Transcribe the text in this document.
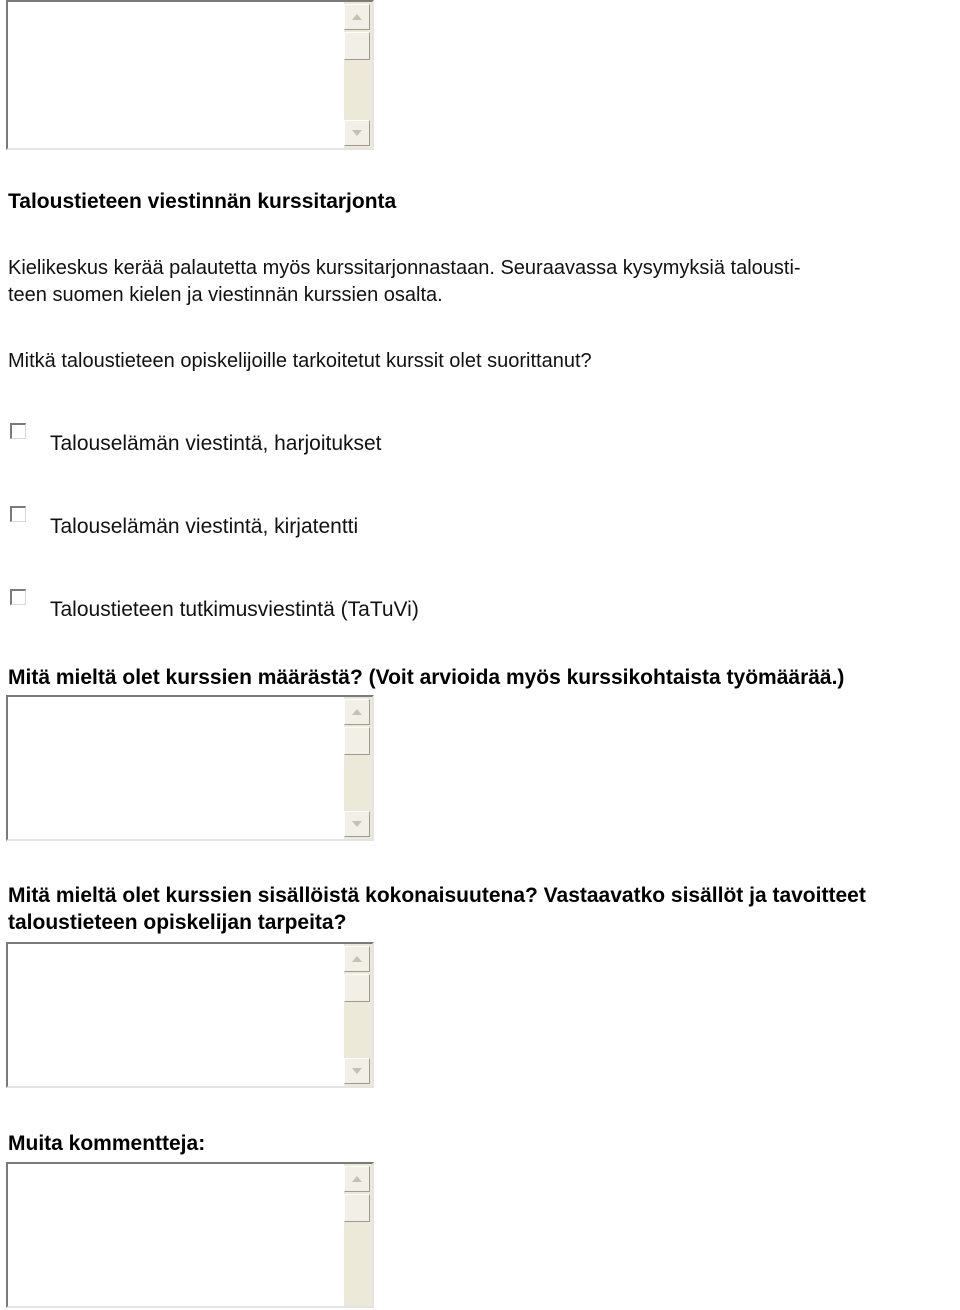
Taloustieteen viestinnän kurssitarjonta
Kielikeskus kerää palautetta myös kurssitarjonnastaan. Seuraavassa kysymyksiä talousti-
teen suomen kielen ja viestinnän kurssien osalta.
Mitkä taloustieteen opiskelijoille tarkoitetut kurssit olet suorittanut?
Talouselämän viestintä, harjoitukset
Talouselämän viestintä, kirjatentti
Taloustieteen tutkimusviestintä (TaTuVi)
Mitä mieltä olet kurssien määrästä? (Voit arvioida myös kurssikohtaista työmäärää.)
Mitä mieltä olet kurssien sisällöistä kokonaisuutena? Vastaavatko sisällöt ja tavoitteet
taloustieteen opiskelijan tarpeita?
Muita kommentteja:
